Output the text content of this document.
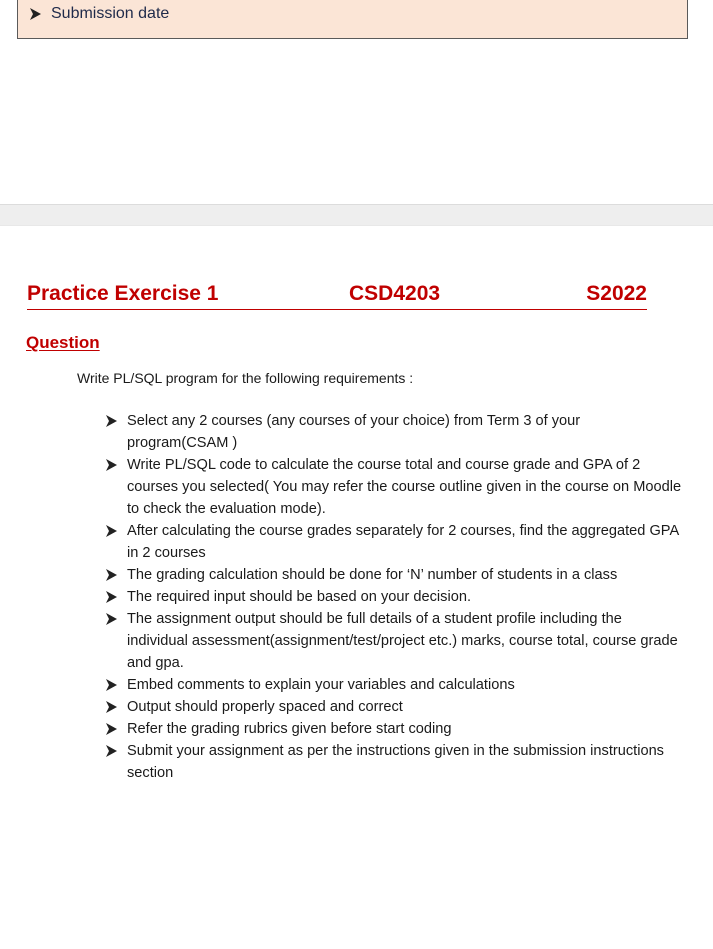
Submission date
Practice Exercise 1	CSD4203	S2022
Question
Write PL/SQL program for the following requirements :
Select any 2 courses (any courses of your choice) from Term 3 of your program(CSAM )
Write PL/SQL code to calculate the course total and course grade and GPA of 2 courses you selected( You may refer the course outline given in the course on Moodle to check the evaluation mode).
After calculating the course grades separately for 2 courses, find the aggregated GPA in 2 courses
The grading calculation should be done for ‘N’ number of students in a class
The required input should be based on your decision.
The assignment output should be full details of a student profile including the individual assessment(assignment/test/project etc.) marks, course total, course grade and gpa.
Embed comments to explain your variables and calculations
Output should properly spaced and correct
Refer the grading rubrics given before start coding
Submit your assignment as per the instructions given in the submission instructions section
